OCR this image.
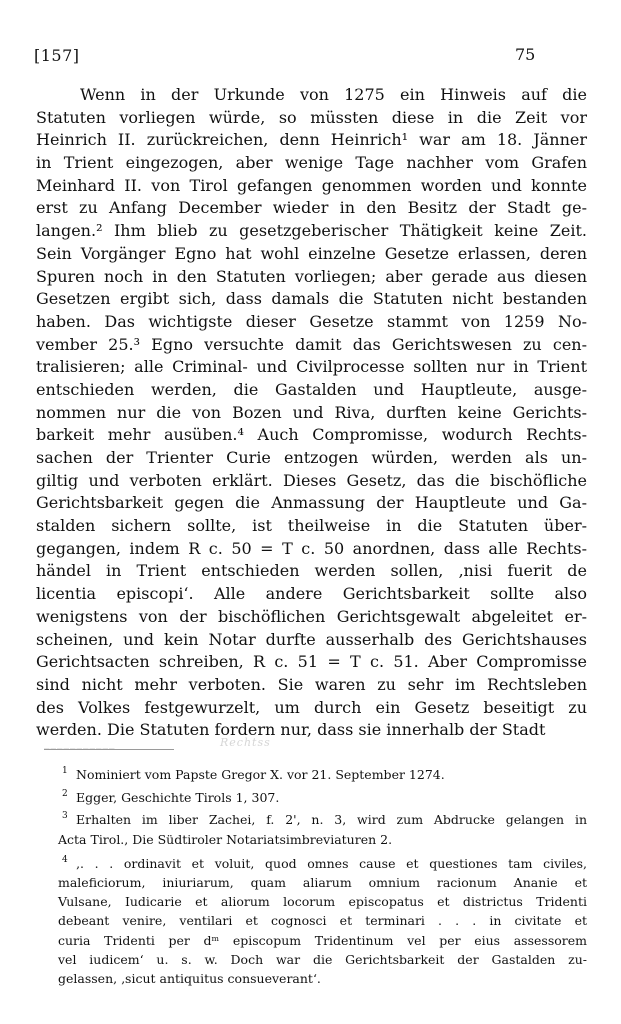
[157]	75
Wenn in der Urkunde von 1275 ein Hinweis auf die
Statuten vorliegen würde, so müssten diese in die Zeit vor
Heinrich II. zurückreichen, denn Heinrich¹ war am 18. Jänner
in Trient eingezogen, aber wenige Tage nachher vom Grafen
Meinhard II. von Tirol gefangen genommen worden und konnte
erst zu Anfang December wieder in den Besitz der Stadt ge-
langen.² Ihm blieb zu gesetzgeberischer Thätigkeit keine Zeit.
Sein Vorgänger Egno hat wohl einzelne Gesetze erlassen, deren
Spuren noch in den Statuten vorliegen; aber gerade aus diesen
Gesetzen ergibt sich, dass damals die Statuten nicht bestanden
haben. Das wichtigste dieser Gesetze stammt von 1259 No-
vember 25.³ Egno versuchte damit das Gerichtswesen zu cen-
tralisieren; alle Criminal- und Civilprocesse sollten nur in Trient
entschieden werden, die Gastalden und Hauptleute, ausge-
nommen nur die von Bozen und Riva, durften keine Gerichts-
barkeit mehr ausüben.⁴ Auch Compromisse, wodurch Rechts-
sachen der Trienter Curie entzogen würden, werden als un-
giltig und verboten erklärt. Dieses Gesetz, das die bischöfliche
Gerichtsbarkeit gegen die Anmassung der Hauptleute und Ga-
stalden sichern sollte, ist theilweise in die Statuten über-
gegangen, indem R c. 50 = T c. 50 anordnen, dass alle Rechts-
händel in Trient entschieden werden sollen, ‚nisi fuerit de
licentia episcopi‘. Alle andere Gerichtsbarkeit sollte also
wenigstens von der bischöflichen Gerichtsgewalt abgeleitet er-
scheinen, und kein Notar durfte ausserhalb des Gerichtshauses
Gerichtsacten schreiben, R c. 51 = T c. 51. Aber Compromisse
sind nicht mehr verboten. Sie waren zu sehr im Rechtsleben
des Volkes festgewurzelt, um durch ein Gesetz beseitigt zu
werden. Die Statuten fordern nur, dass sie innerhalb der Stadt
___________	Rechtss
1 Nominiert vom Papste Gregor X. vor 21. September 1274.
2 Egger, Geschichte Tirols 1, 307.
3 Erhalten im liber Zachei, f. 2', n. 3, wird zum Abdrucke gelangen in
Acta Tirol., Die Südtiroler Notariatsimbreviaturen 2.
4 ‚. . . ordinavit et voluit, quod omnes cause et questiones tam civiles,
maleficiorum, iniuriarum, quam aliarum omnium racionum Ananie et
Vulsane, Iudicarie et aliorum locorum episcopatus et districtus Tridenti
debeant venire, ventilari et cognosci et terminari . . . in civitate et
curia Tridenti per dᵐ episcopum Tridentinum vel per eius assessorem
vel iudicem‘ u. s. w. Doch war die Gerichtsbarkeit der Gastalden zu-
gelassen, ‚sicut antiquitus consueverant‘.
